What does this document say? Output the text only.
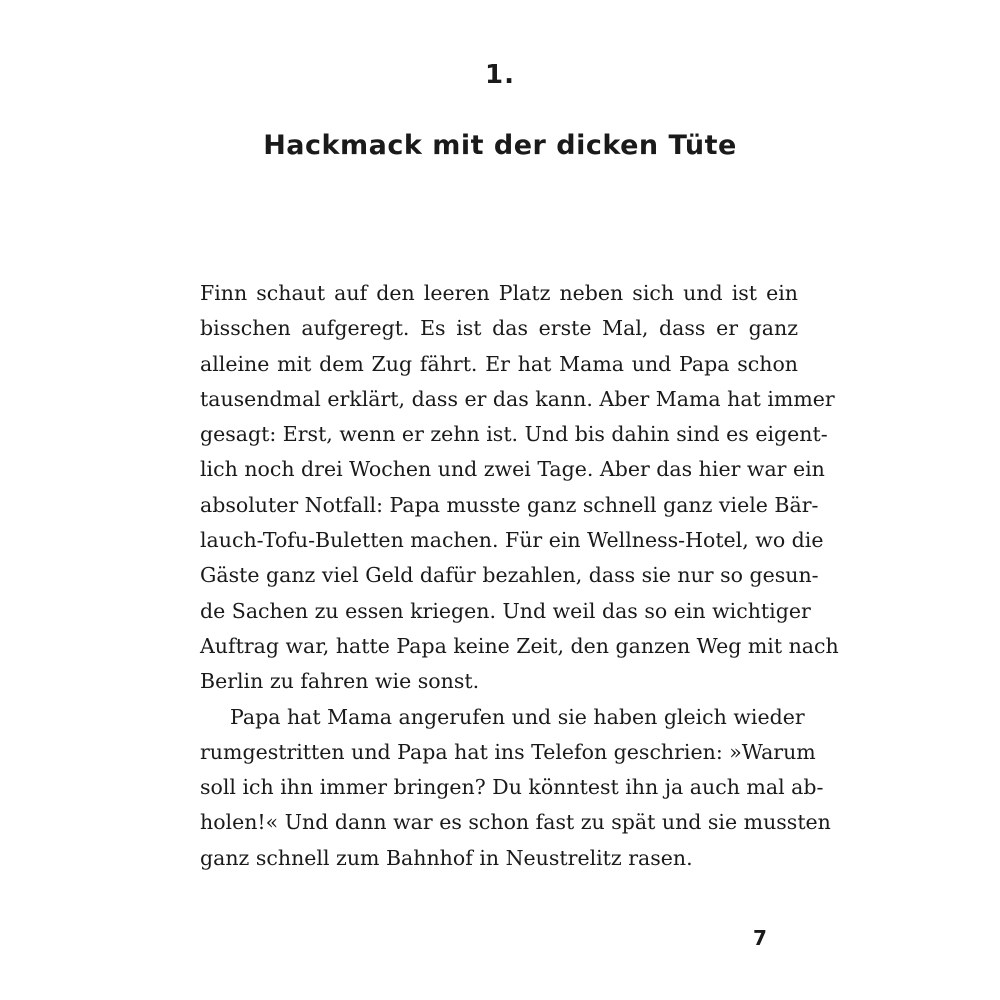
1.
Hackmack mit der dicken Tüte
Finn schaut auf den leeren Platz neben sich und ist ein
bisschen aufgeregt. Es ist das erste Mal, dass er ganz
alleine mit dem Zug fährt. Er hat Mama und Papa schon
tausendmal erklärt, dass er das kann. Aber Mama hat immer
gesagt: Erst, wenn er zehn ist. Und bis dahin sind es eigent-
lich noch drei Wochen und zwei Tage. Aber das hier war ein
absoluter Notfall: Papa musste ganz schnell ganz viele Bär-
lauch-Tofu-Buletten machen. Für ein Wellness-Hotel, wo die
Gäste ganz viel Geld dafür bezahlen, dass sie nur so gesun-
de Sachen zu essen kriegen. Und weil das so ein wichtiger
Auftrag war, hatte Papa keine Zeit, den ganzen Weg mit nach
Berlin zu fahren wie sonst.
Papa hat Mama angerufen und sie haben gleich wieder
rumgestritten und Papa hat ins Telefon geschrien: »Warum
soll ich ihn immer bringen? Du könntest ihn ja auch mal ab-
holen!« Und dann war es schon fast zu spät und sie mussten
ganz schnell zum Bahnhof in Neustrelitz rasen.
7
